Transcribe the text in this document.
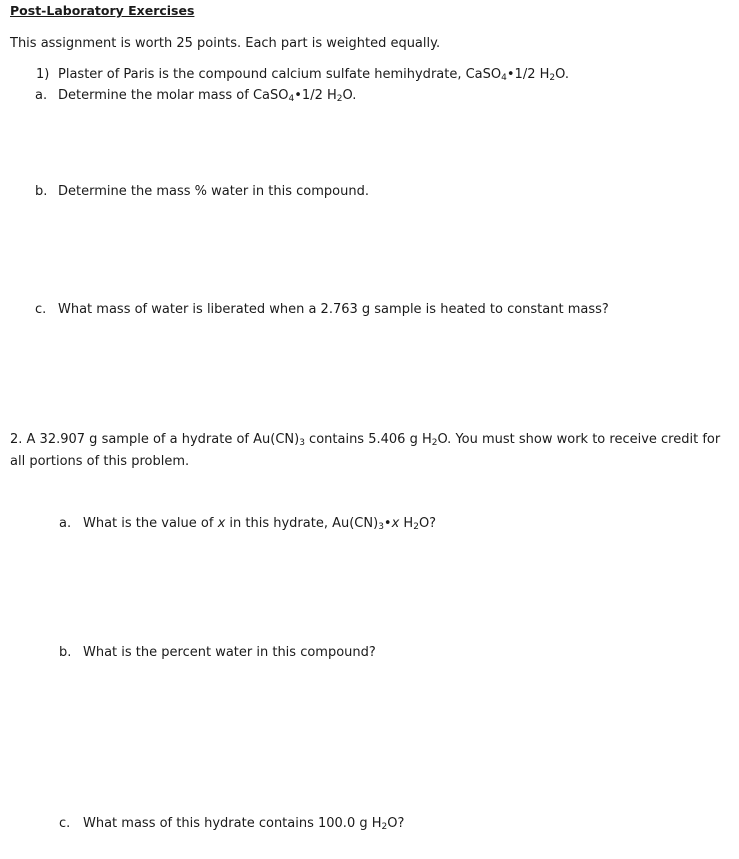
Post-Laboratory Exercises
This assignment is worth 25 points. Each part is weighted equally.
1) Plaster of Paris is the compound calcium sulfate hemihydrate, CaSO$_4$•1/2 $H_2O$.
a. Determine the molar mass of CaSO$_4$•1/2 $H_2O$.
b. Determine the mass % water in this compound.
c. What mass of water is liberated when a 2.763 g sample is heated to constant mass?
2. A 32.907 g sample of a hydrate of $Au(CN)_3$ contains 5.406 g $H_2O$. You must show work to receive credit for all portions of this problem.
a. What is the value of x in this hydrate, $Au(CN)_3•x$ $H_2O$?
b. What is the percent water in this compound?
c. What mass of this hydrate contains 100.0 g $H_2O$?
